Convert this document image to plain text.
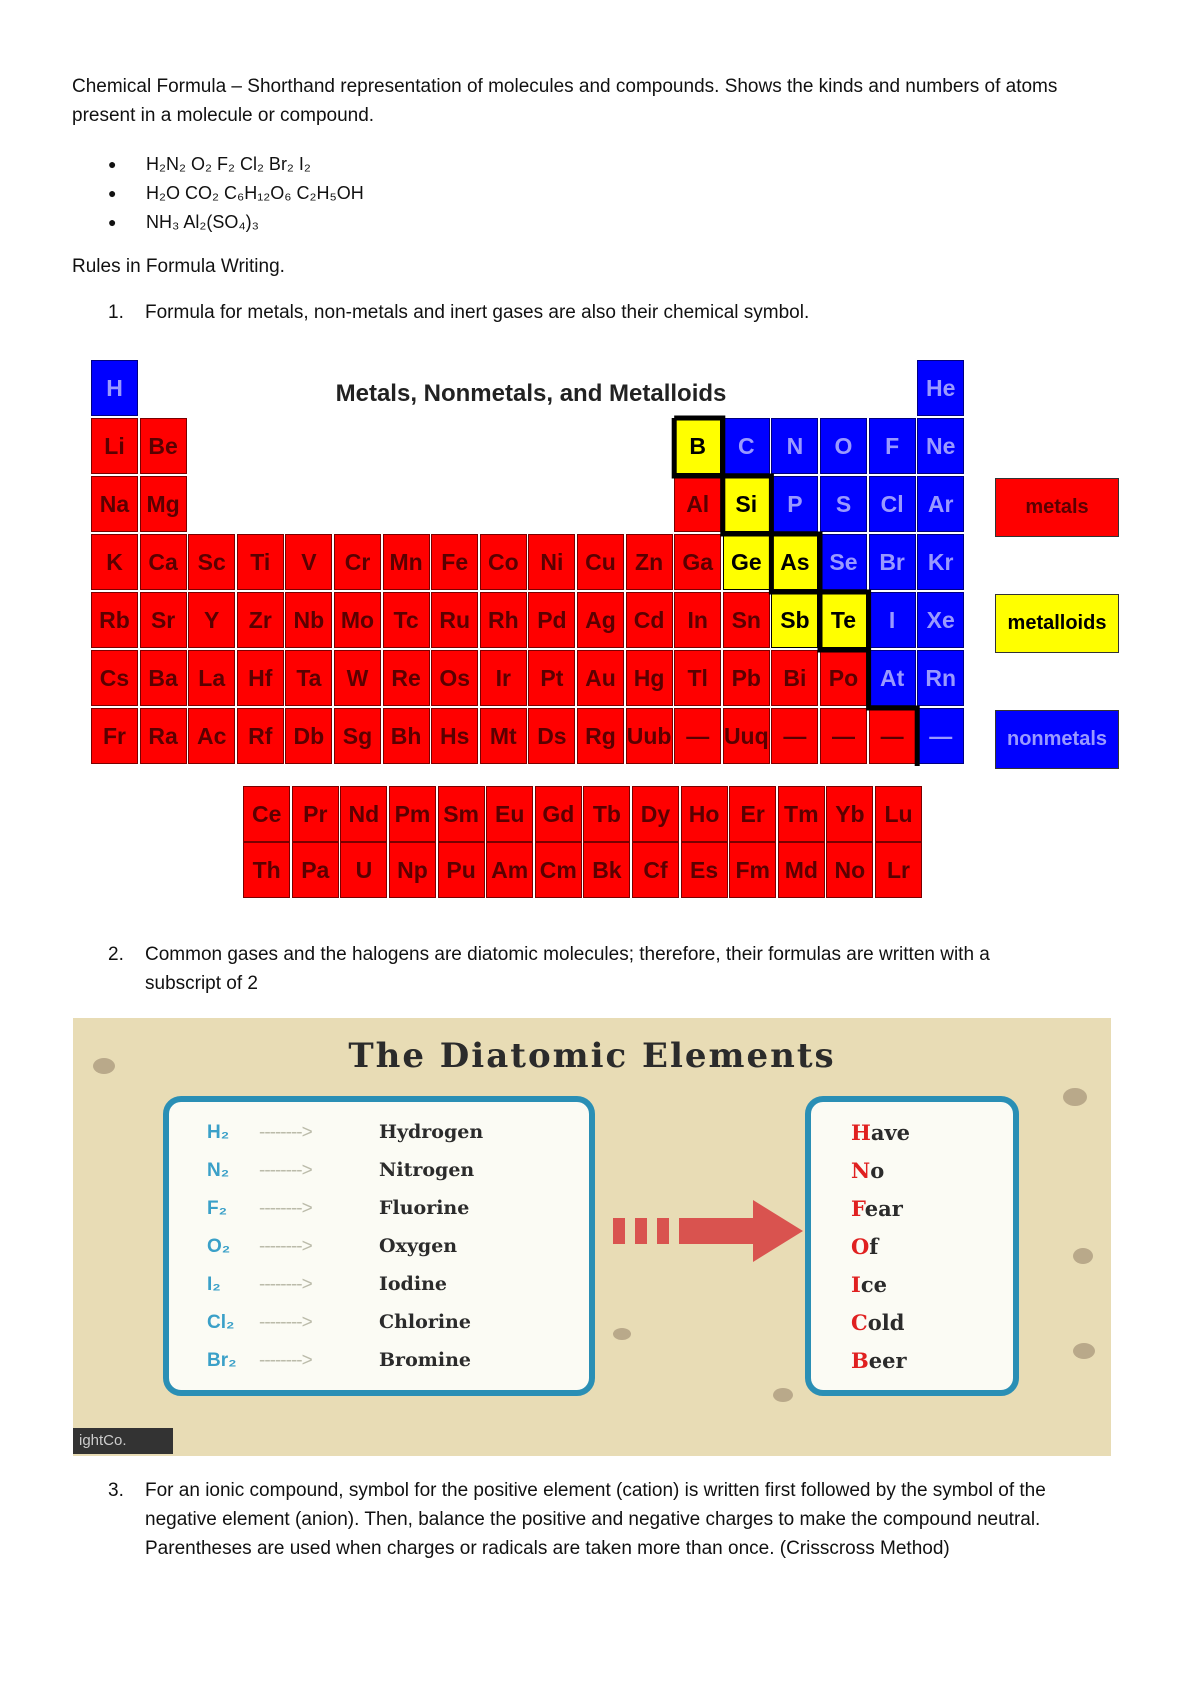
Chemical Formula – Shorthand representation of molecules and compounds. Shows the kinds and numbers of atoms
present in a molecule or compound.
● H₂N₂ O₂ F₂ Cl₂ Br₂ I₂
● H₂O CO₂ C₆H₁₂O₆ C₂H₅OH
● NH₃ Al₂(SO₄)₃
Rules in Formula Writing.
1. Formula for metals, non-metals and inert gases are also their chemical symbol.
Metals, Nonmetals, and Metalloids
metals
metalloids
nonmetals
H	He
Li	Be	B	C	N	O	F	Ne
Na Mg	Al	Si	P	S	Cl	Ar
K	Ca Sc	Ti	V	Cr Mn Fe Co Ni Cu Zn Ga Ge As Se Br	Kr
Rb Sr	Y	Zr Nb Mo Tc Ru Rh Pd Ag Cd	In	Sn Sb Te	I	Xe
Cs Ba La	Hf	Ta	W	Re Os	Ir	Pt Au Hg	Tl	Pb Bi Po At Rn
Fr Ra Ac Rf Db Sg Bh Hs Mt Ds Rg Uub — Uuq —	—	—	—
Ce Pr Nd Pm Sm Eu Gd Tb Dy Ho Er Tm Yb Lu
Th Pa	U	Np Pu Am Cm Bk Cf Es Fm Md No Lr
2. Common gases and the halogens are diatomic molecules; therefore, their formulas are written with a
subscript of 2
The Diatomic Elements
H₂ -------->	Hydrogen
N₂ -------->	Nitrogen
F₂ -------->	Fluorine
O₂ -------->	Oxygen
I₂ -------->	Iodine
Cl₂ -------->	Chlorine
Br₂ -------->	Bromine
Have
No
Fear
Of
Ice
Cold
Beer
ightCo.
3. For an ionic compound, symbol for the positive element (cation) is written first followed by the symbol of the
negative element (anion). Then, balance the positive and negative charges to make the compound neutral.
Parentheses are used when charges or radicals are taken more than once. (Crisscross Method)
